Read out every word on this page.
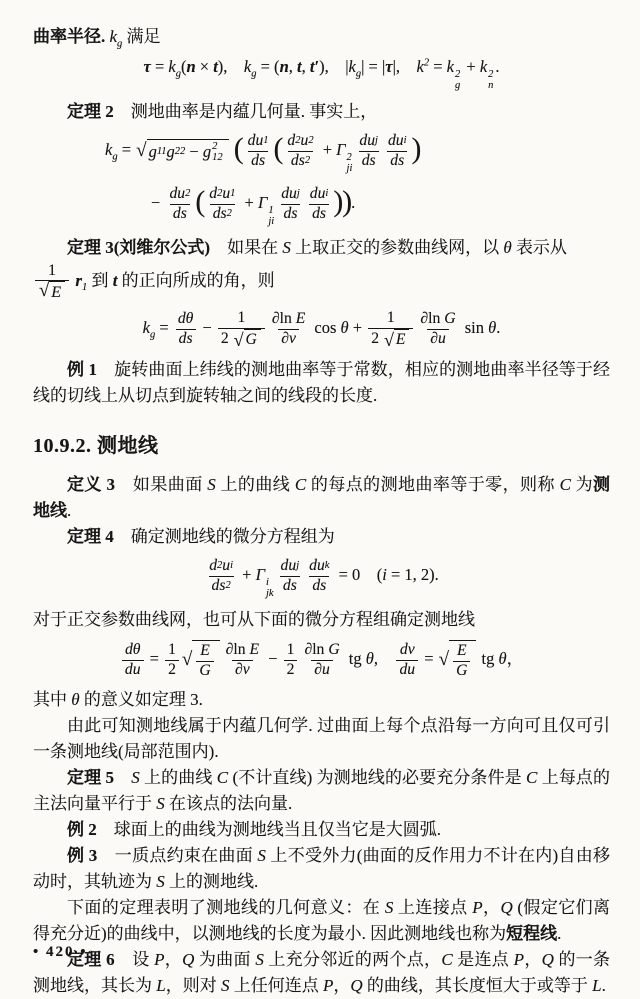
曲率半径. $k_g$ 满足

$\tau = k_g(n \times t)$,  $k_g = (n$, t, t′),  $|k_g| = |\tau|$,  $k^2 = k$ 2
g
+ k 2
n
.

定理 2　测地曲率是内蕴几何量. 事实上，

$k_g$ = √ g 11 g 22 − g 2
12 ( $\frac{du 1}{ds}$ ( $\frac{d 2 u 2}{ds 2} + \Gamma$ 2
ji $\frac{\text{du j}}{ds} \frac{\text{du i}}{ds}$ )
− $\frac{du 2}{ds}$ ( $\frac{d 2 u 1}{ds 2} + \Gamma$ 1
ji $\frac{\text{du j}}{ds} \frac{\text{du i}}{ds}$ )).

定理 3(刘维尔公式)　如果在 S 上取正交的参数曲线网，以 θ 表示从

$\frac{1}{√ E} r_1$ 到 t 的正向所成的角，则

$k_g = \frac{d\theta}{ds} - \frac{1}{2 √ G} \frac{\text{∂ln E}}{\partial v}$ $\cos \theta + \frac{1}{2 √ E} \frac{\text{∂ln G}}{\partial u}$ sin θ.

例 1　旋转曲面上纬线的测地曲率等于常数，相应的测地曲率半径等于经线的切线上从切点到旋转轴之间的线段的长度.

10.9.2. 测地线

定义 3　如果曲面 S 上的曲线 C 的每点的测地曲率等于零，则称 C 为测地线.

定理 4　确定测地线的微分方程组为

$\frac{\text{d 2 u i}}{ds 2} + \Gamma$ i
jk $\frac{\text{du j}}{ds} \frac{\text{du k}}{ds} = 0$ (i = 1, 2).

对于正交参数曲线网，也可从下面的微分方程组确定测地线

$\frac{d\theta}{du} = \frac{1}{2}$ √ $\frac{E}{G} \frac{\text{∂ln E}}{\partial v} - \frac{1}{2} \frac{\text{∂ln G}}{\partial u}$ tg θ,   $\frac{dv}{du}$ = √ $\frac{E}{G}$ tg θ，

其中 θ 的意义如定理 3.

由此可知测地线属于内蕴几何学. 过曲面上每个点沿每一方向可且仅可引一条测地线(局部范围内).

定理 5　 S 上的曲线 C (不计直线) 为测地线的必要充分条件是 C 上每点的主法向量平行于 S 在该点的法向量.

例 2　球面上的曲线为测地线当且仅当它是大圆弧.

例 3　一质点约束在曲面 S 上不受外力(曲面的反作用力不计在内)自由移动时，其轨迹为 S 上的测地线.

下面的定理表明了测地线的几何意义：在 S 上连接点 P，Q (假定它们离得充分近)的曲线中，以测地线的长度为最小. 因此测地线也称为短程线.

定理 6　设 P，Q 为曲面 S 上充分邻近的两个点，C 是连点 P，Q 的一条测地线，其长为 L，则对 S 上任何连点 P，Q 的曲线，其长度恒大于或等于 L.

• 420 •
